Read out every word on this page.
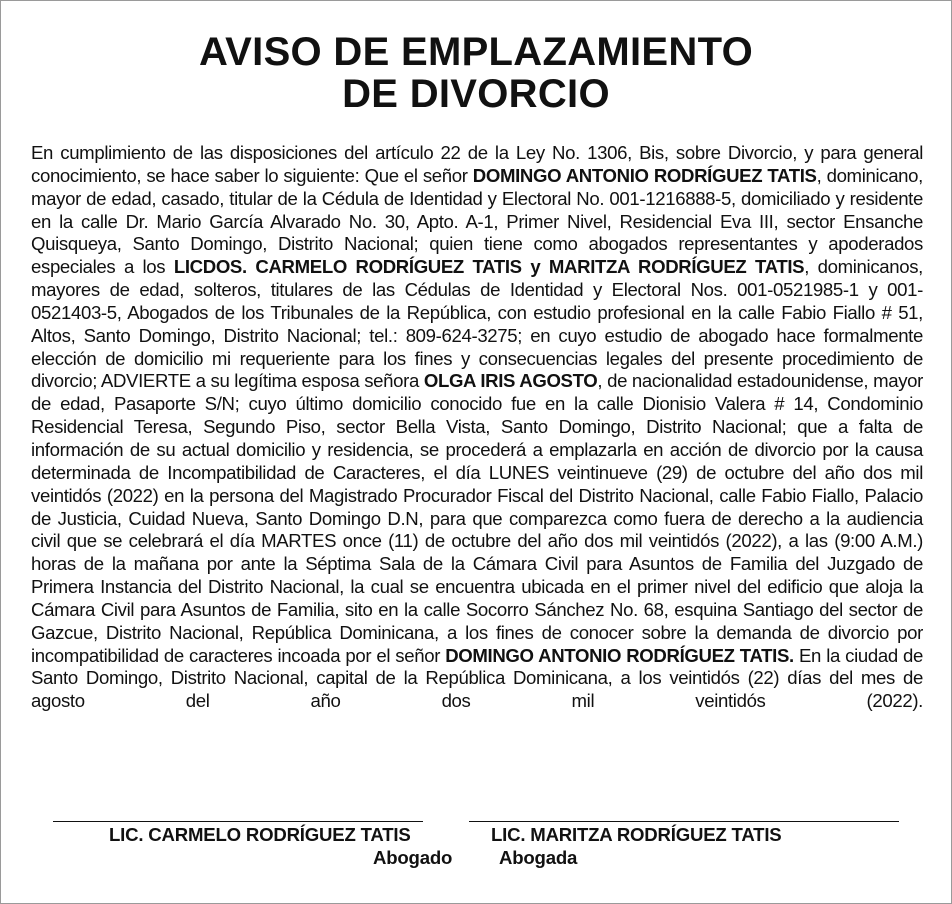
AVISO DE EMPLAZAMIENTO
DE DIVORCIO
En cumplimiento de las disposiciones del artículo 22 de la Ley No. 1306, Bis, sobre Divorcio, y para general conocimiento, se hace saber lo siguiente: Que el señor DOMINGO ANTONIO RODRÍGUEZ TATIS, dominicano, mayor de edad, casado, titular de la Cédula de Identidad y Electoral No. 001-1216888-5, domiciliado y residente en la calle Dr. Mario García Alvarado No. 30, Apto. A-1, Primer Nivel, Residencial Eva III, sector Ensanche Quisqueya, Santo Domingo, Distrito Nacional; quien tiene como abogados representantes y apoderados especiales a los LICDOS. CARMELO RODRÍGUEZ TATIS y MARITZA RODRÍGUEZ TATIS, dominicanos, mayores de edad, solteros, titulares de las Cédulas de Identidad y Electoral Nos. 001-0521985-1 y 001-0521403-5, Abogados de los Tribunales de la República, con estudio profesional en la calle Fabio Fiallo # 51, Altos, Santo Domingo, Distrito Nacional; tel.: 809-624-3275; en cuyo estudio de abogado hace formalmente elección de domicilio mi requeriente para los fines y consecuencias legales del presente procedimiento de divorcio; ADVIERTE a su legítima esposa señora OLGA IRIS AGOSTO, de nacionalidad estadounidense, mayor de edad, Pasaporte S/N; cuyo último domicilio conocido fue en la calle Dionisio Valera # 14, Condominio Residencial Teresa, Segundo Piso, sector Bella Vista, Santo Domingo, Distrito Nacional; que a falta de información de su actual domicilio y residencia, se procederá a emplazarla en acción de divorcio por la causa determinada de Incompatibilidad de Caracteres, el día LUNES veintinueve (29) de octubre del año dos mil veintidós (2022) en la persona del Magistrado Procurador Fiscal del Distrito Nacional, calle Fabio Fiallo, Palacio de Justicia, Cuidad Nueva, Santo Domingo D.N, para que comparezca como fuera de derecho a la audiencia civil que se celebrará el día MARTES once (11) de octubre del año dos mil veintidós (2022), a las (9:00 A.M.) horas de la mañana por ante la Séptima Sala de la Cámara Civil para Asuntos de Familia del Juzgado de Primera Instancia del Distrito Nacional, la cual se encuentra ubicada en el primer nivel del edificio que aloja la Cámara Civil para Asuntos de Familia, sito en la calle Socorro Sánchez No. 68, esquina Santiago del sector de Gazcue, Distrito Nacional, República Dominicana, a los fines de conocer sobre la demanda de divorcio por incompatibilidad de caracteres incoada por el señor DOMINGO ANTONIO RODRÍGUEZ TATIS. En la ciudad de Santo Domingo, Distrito Nacional, capital de la República Dominicana, a los veintidós (22) días del mes de agosto del año dos mil veintidós (2022).
LIC. CARMELO RODRÍGUEZ TATIS
Abogado
LIC. MARITZA RODRÍGUEZ TATIS
Abogada
